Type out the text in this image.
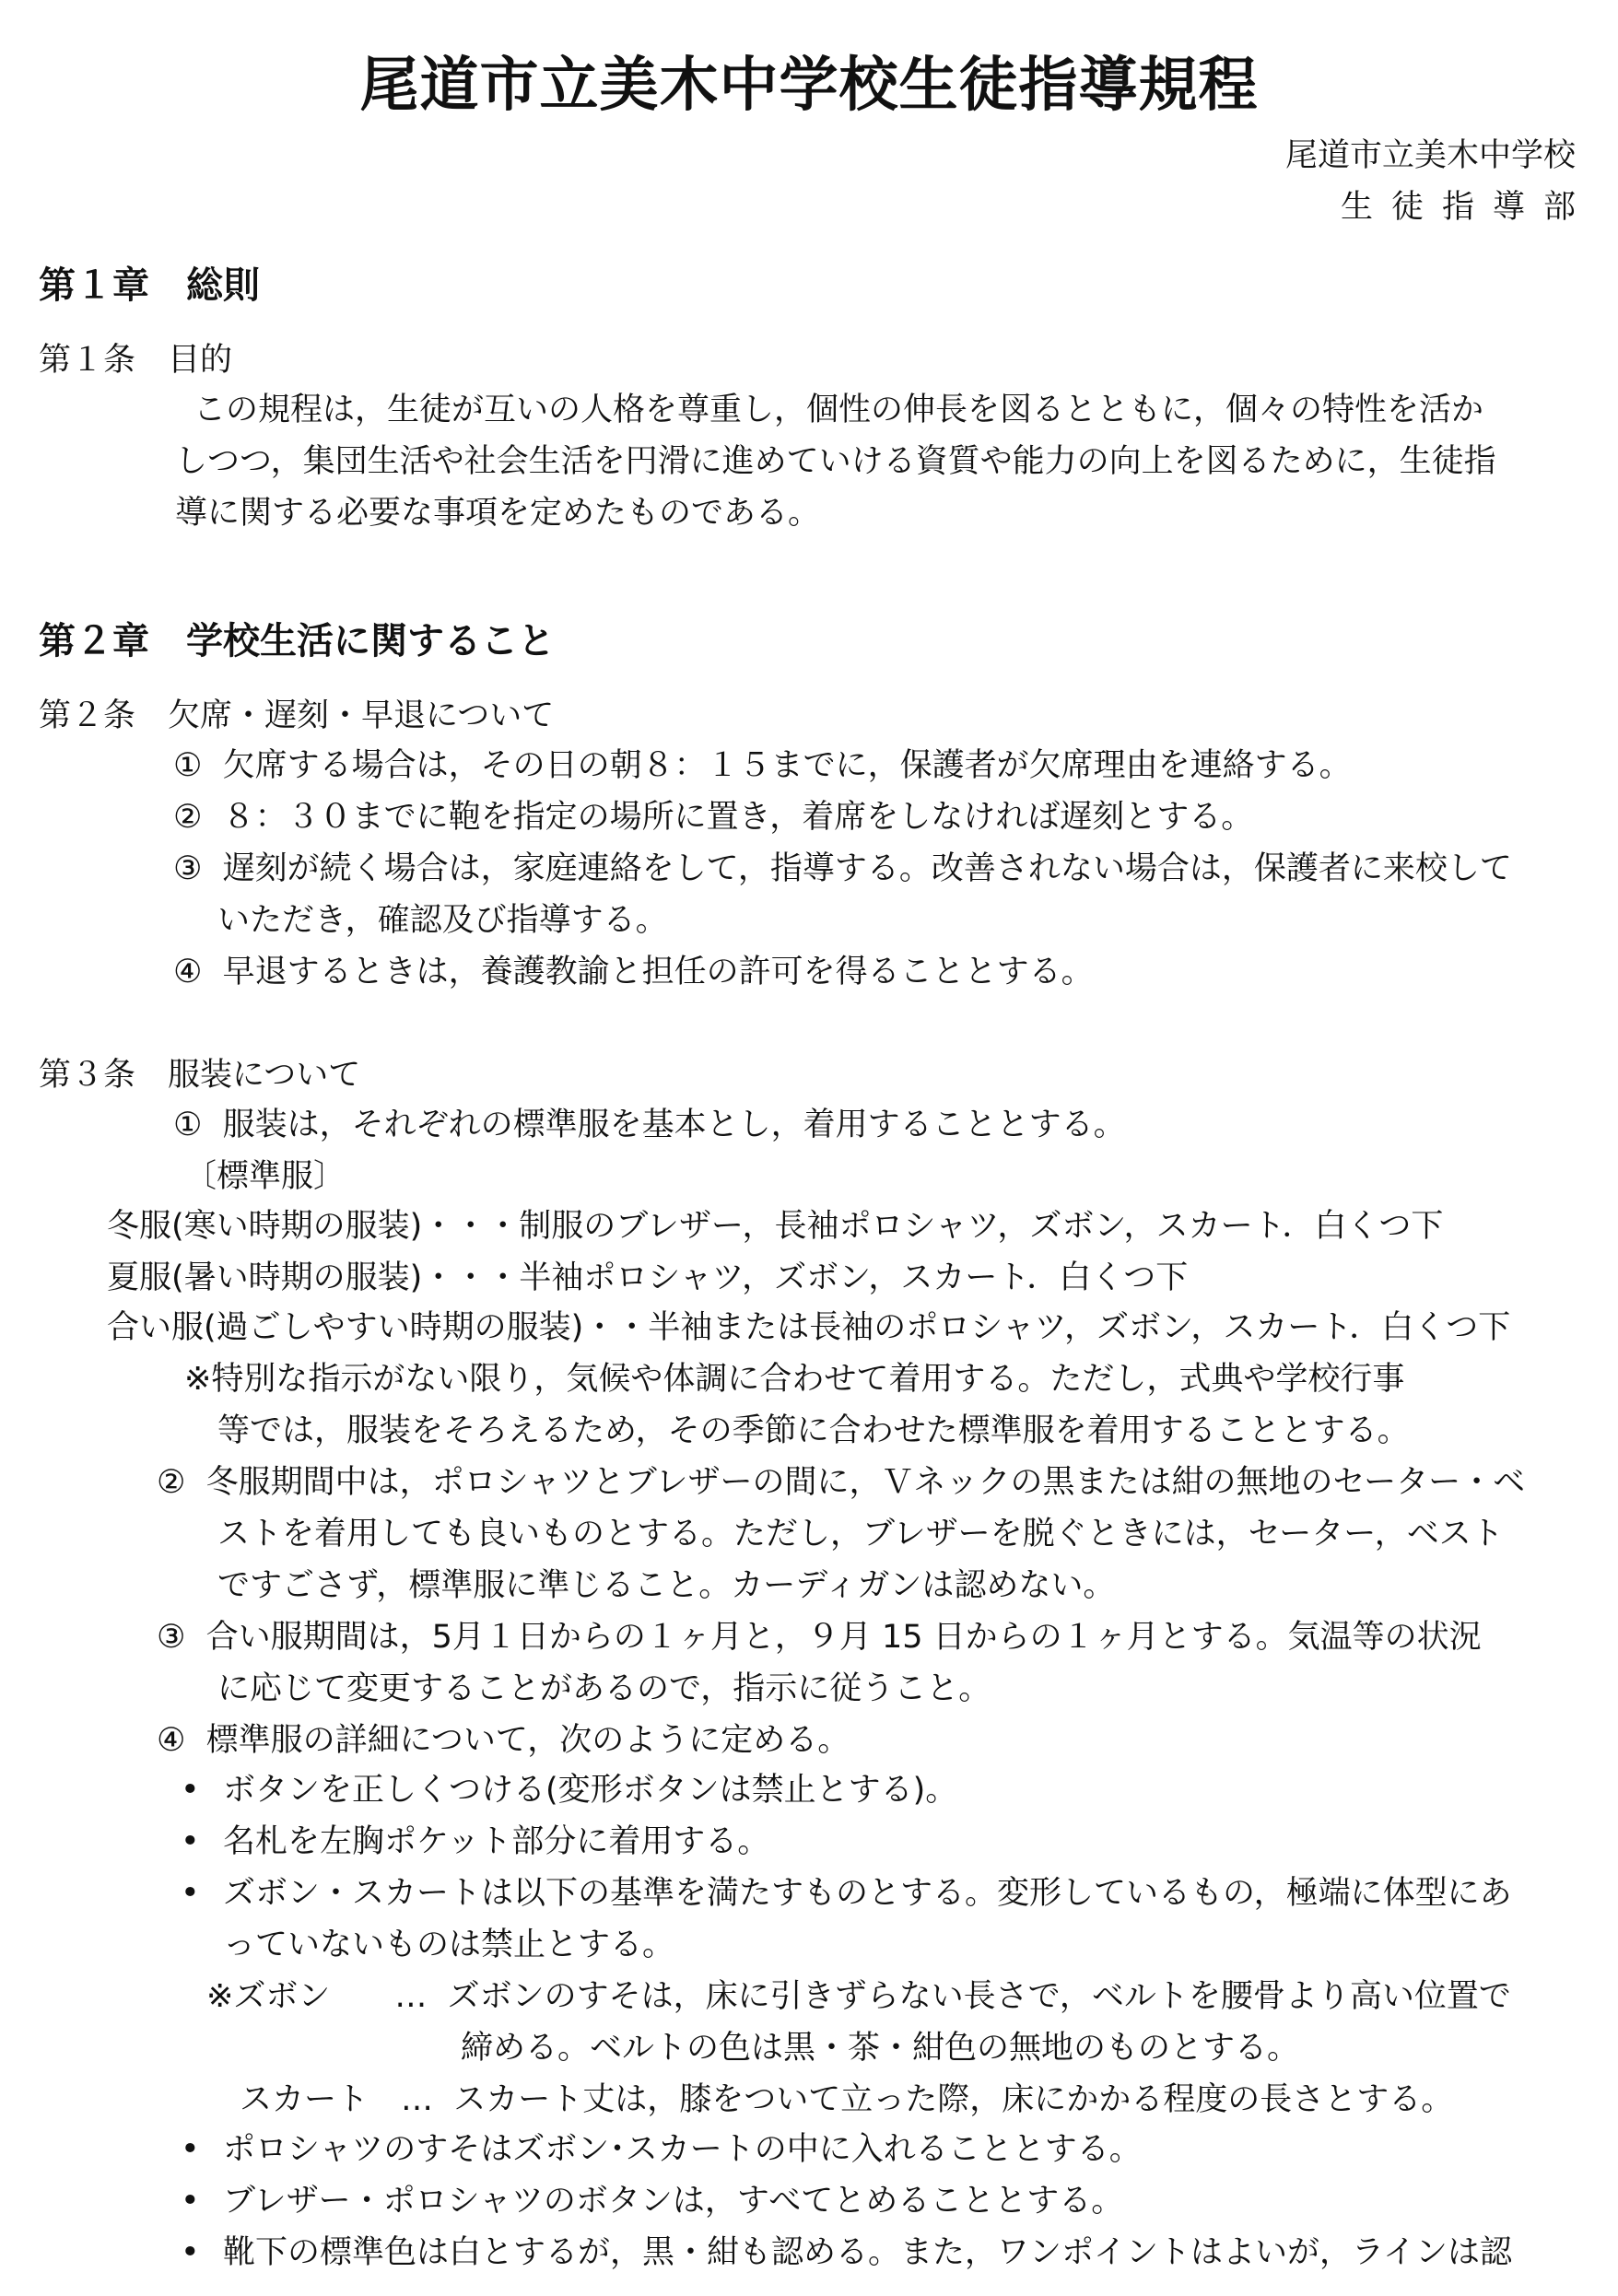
尾道市立美木中学校生徒指導規程
尾道市立美木中学校
生徒指導部
第１章　総則
第１条　目的
この規程は，生徒が互いの人格を尊重し，個性の伸長を図るとともに，個々の特性を活か
しつつ，集団生活や社会生活を円滑に進めていける資質や能力の向上を図るために，生徒指
導に関する必要な事項を定めたものである。
第２章　学校生活に関すること
第２条　欠席・遅刻・早退について
①  欠席する場合は，その日の朝８：１５までに，保護者が欠席理由を連絡する。
②  ８：３０までに鞄を指定の場所に置き，着席をしなければ遅刻とする。
③  遅刻が続く場合は，家庭連絡をして，指導する。改善されない場合は，保護者に来校して
いただき，確認及び指導する。
④  早退するときは，養護教諭と担任の許可を得ることとする。
第３条　服装について
①  服装は，それぞれの標準服を基本とし，着用することとする。
〔標準服〕
冬服(寒い時期の服装)・・・制服のブレザー，長袖ポロシャツ，ズボン，スカート．白くつ下
夏服(暑い時期の服装)・・・半袖ポロシャツ，ズボン，スカート．白くつ下
合い服(過ごしやすい時期の服装)・・半袖または長袖のポロシャツ，ズボン，スカート．白くつ下
※特別な指示がない限り，気候や体調に合わせて着用する。ただし，式典や学校行事
等では，服装をそろえるため，その季節に合わせた標準服を着用することとする。
②  冬服期間中は，ポロシャツとブレザーの間に，Ｖネックの黒または紺の無地のセーター・ベ
ストを着用しても良いものとする。ただし，ブレザーを脱ぐときには，セーター，ベスト
ですごさず，標準服に準じること。カーディガンは認めない。
③  合い服期間は，5月１日からの１ヶ月と，９月 15 日からの１ヶ月とする。気温等の状況
に応じて変更することがあるので，指示に従うこと。
④  標準服の詳細について，次のように定める。
• ボタンを正しくつける(変形ボタンは禁止とする)。
• 名札を左胸ポケット部分に着用する。
• ズボン・スカートは以下の基準を満たすものとする。変形しているもの，極端に体型にあ
っていないものは禁止とする。
※ズボン　　…  ズボンのすそは，床に引きずらない長さで，ベルトを腰骨より高い位置で
締める。ベルトの色は黒・茶・紺色の無地のものとする。
スカート　…  スカート丈は，膝をついて立った際，床にかかる程度の長さとする。
• ポロシャツのすそはズボン･スカートの中に入れることとする。
• ブレザー・ポロシャツのボタンは，すべてとめることとする。
• 靴下の標準色は白とするが，黒・紺も認める。また，ワンポイントはよいが，ラインは認
